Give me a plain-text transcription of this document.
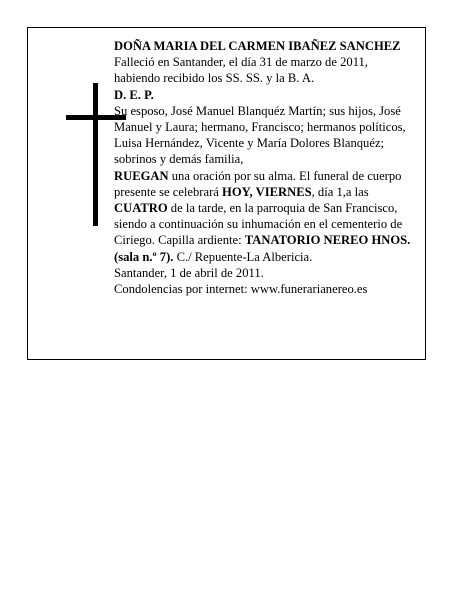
DOÑA MARIA DEL CARMEN IBAÑEZ SANCHEZ

Falleció en Santander, el día 31 de marzo de 2011, habiendo recibido los SS. SS. y la B. A.

D. E. P.

Su esposo, José Manuel Blanquéz Martín; sus hijos, José Manuel y Laura; hermano, Francisco; hermanos políticos, Luisa Hernández, Vicente y María Dolores Blanquéz; sobrinos y demás familia,

RUEGAN una oración por su alma. El funeral de cuerpo presente se celebrará HOY, VIERNES, día 1,a las CUATRO de la tarde, en la parroquia de San Francisco, siendo a continuación su inhumación en el cementerio de Ciriego. Capilla ardiente: TANATORIO NEREO HNOS. (sala n.º 7). C./ Repuente-La Albericia.

Santander, 1 de abril de 2011.

Condolencias por internet: www.funerarianereo.es
